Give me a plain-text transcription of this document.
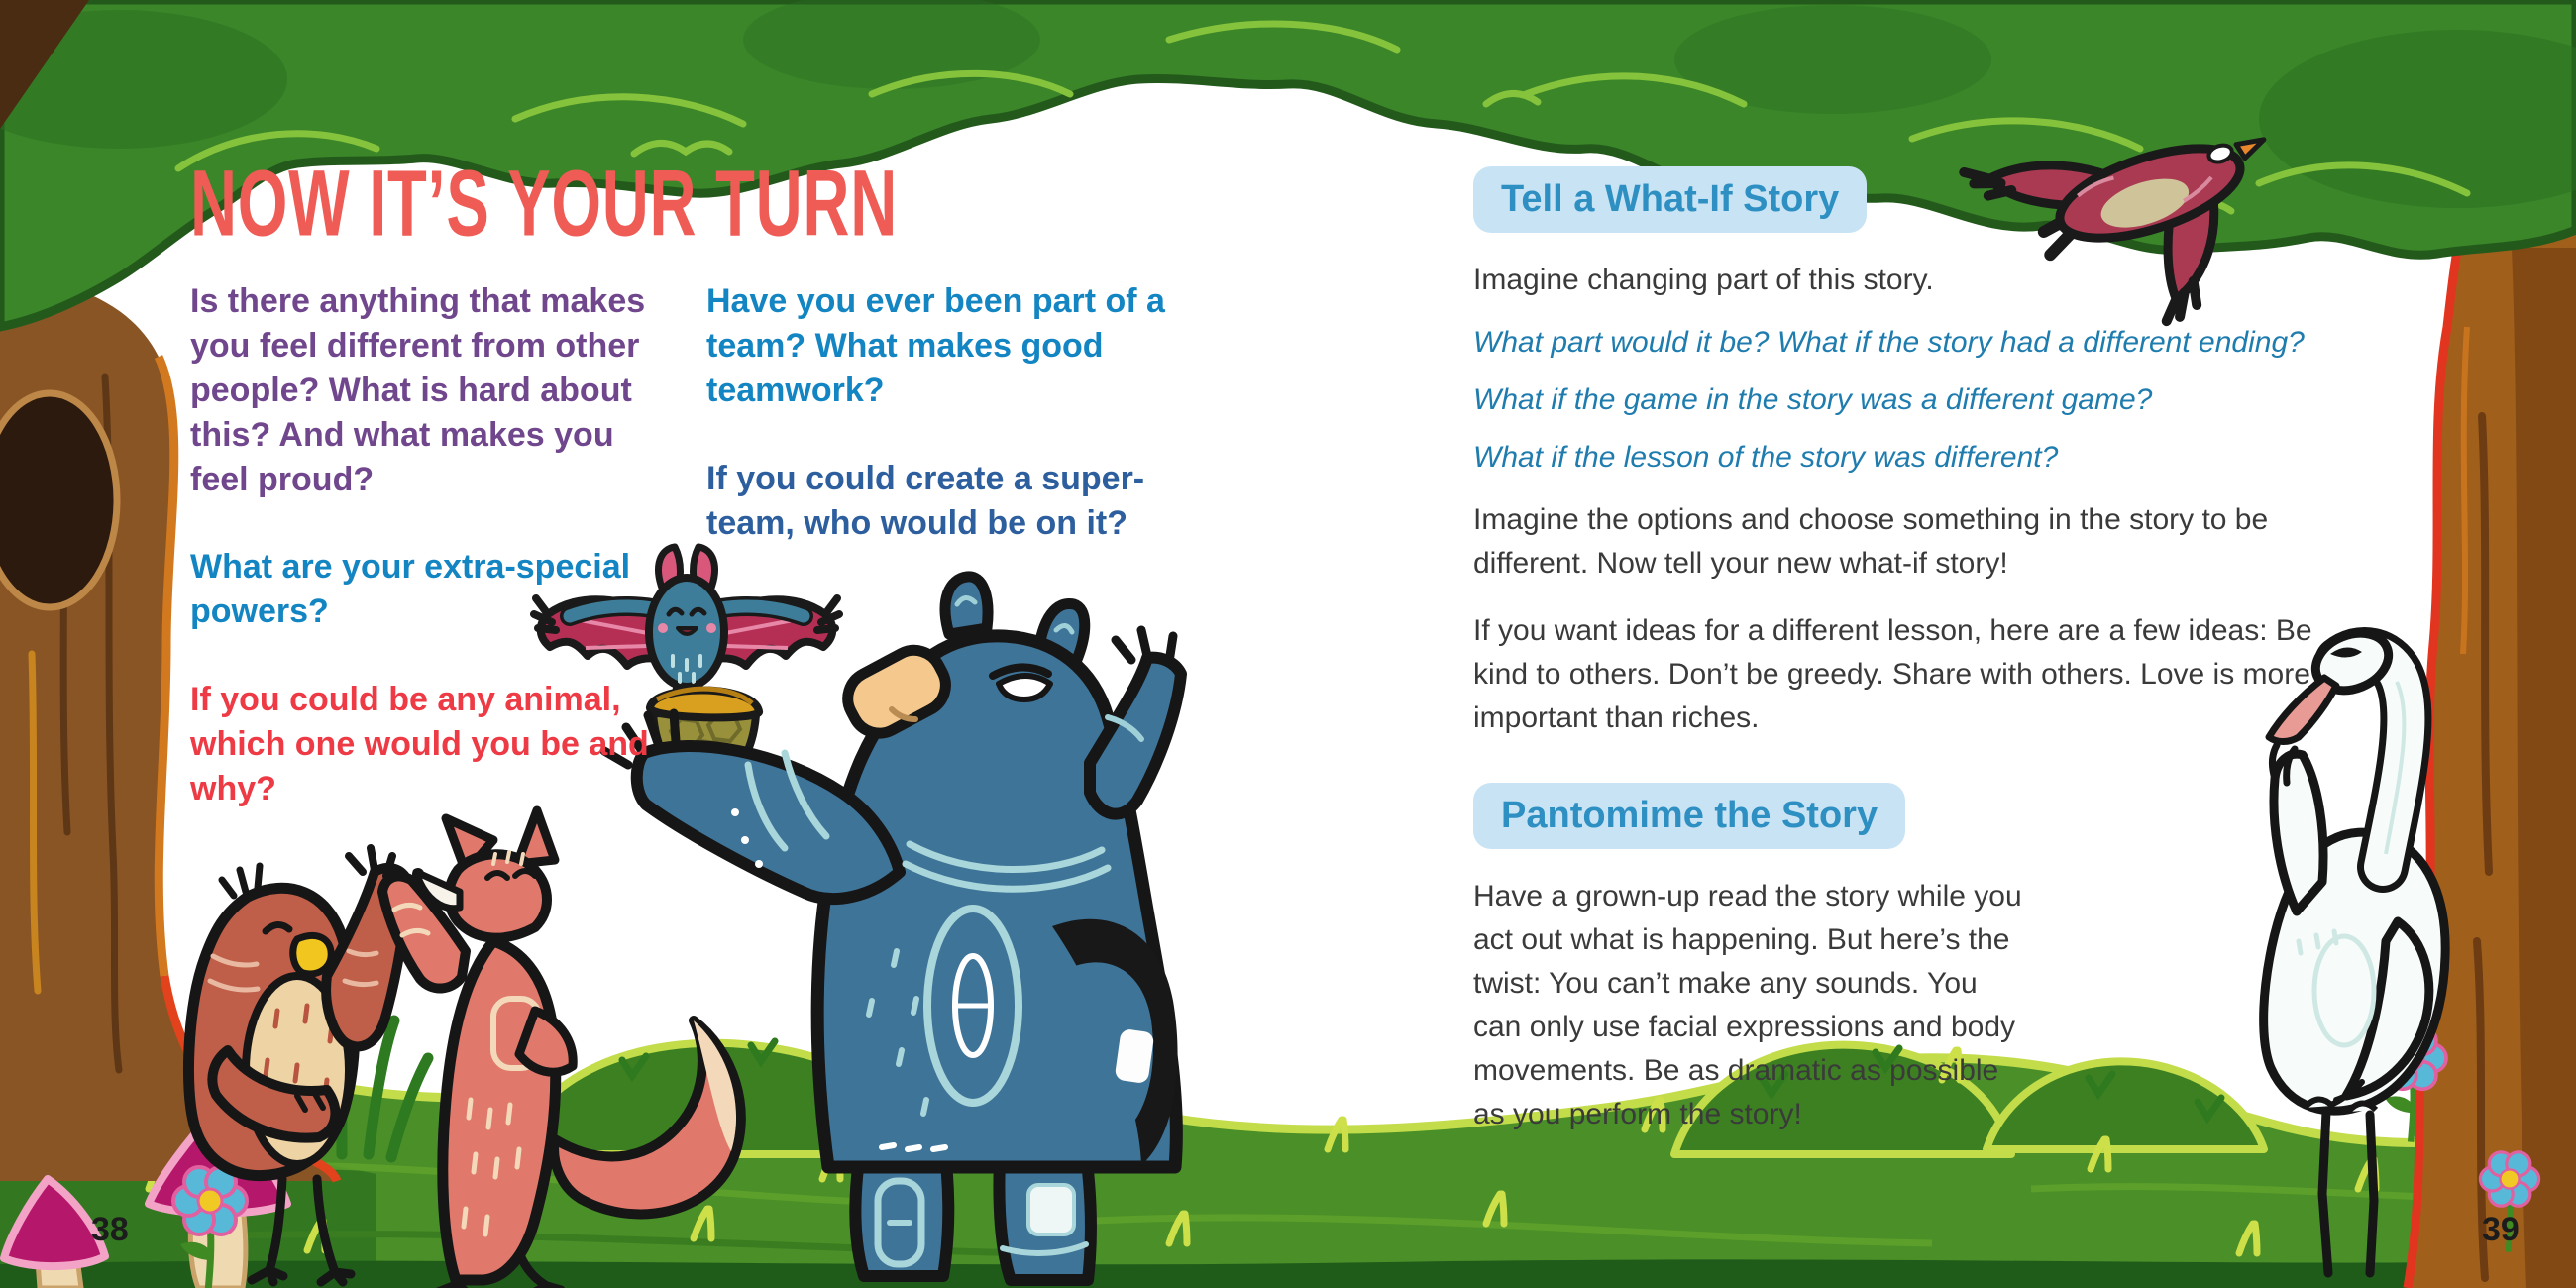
NOW IT’S YOUR TURN

Is there anything that makes you feel different from other people? What is hard about this? And what makes you feel proud?

What are your extra-special powers?

If you could be any animal, which one would you be and why?

Have you ever been part of a team? What makes good teamwork?

If you could create a super-team, who would be on it?

Tell a What-If Story

Imagine changing part of this story.

What part would it be? What if the story had a different ending?

What if the game in the story was a different game?

What if the lesson of the story was different?

Imagine the options and choose something in the story to be different. Now tell your new what-if story!

If you want ideas for a different lesson, here are a few ideas: Be kind to others. Don’t be greedy. Share with others. Love is more important than riches.

Pantomime the Story

Have a grown-up read the story while you act out what is happening. But here’s the twist: You can’t make any sounds. You can only use facial expressions and body movements. Be as dramatic as possible as you perform the story!

38	39
